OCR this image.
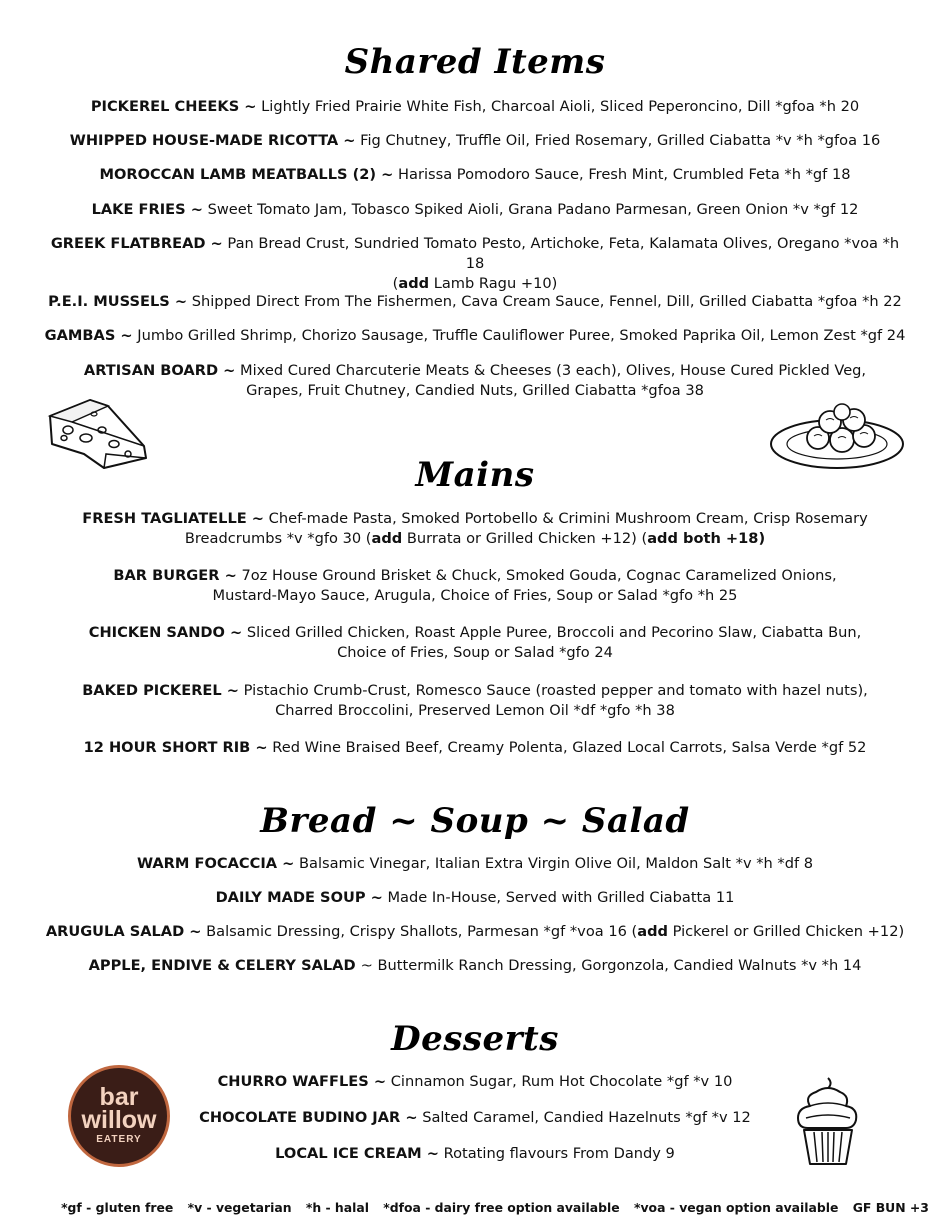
Shared Items
PICKEREL CHEEKS ~ Lightly Fried Prairie White Fish, Charcoal Aioli, Sliced Peperoncino, Dill *gfoa *h 20
WHIPPED HOUSE-MADE RICOTTA ~ Fig Chutney, Truffle Oil, Fried Rosemary, Grilled Ciabatta *v *h *gfoa 16
MOROCCAN LAMB MEATBALLS (2) ~ Harissa Pomodoro Sauce, Fresh Mint, Crumbled Feta *h *gf 18
LAKE FRIES ~ Sweet Tomato Jam, Tobasco Spiked Aioli, Grana Padano Parmesan, Green Onion *v *gf 12
GREEK FLATBREAD ~ Pan Bread Crust, Sundried Tomato Pesto, Artichoke, Feta, Kalamata Olives, Oregano *voa *h 18
(add Lamb Ragu +10)
P.E.I. MUSSELS ~ Shipped Direct From The Fishermen, Cava Cream Sauce, Fennel, Dill, Grilled Ciabatta *gfoa *h 22
GAMBAS ~ Jumbo Grilled Shrimp, Chorizo Sausage, Truffle Cauliflower Puree, Smoked Paprika Oil, Lemon Zest *gf 24
ARTISAN BOARD ~ Mixed Cured Charcuterie Meats & Cheeses (3 each), Olives, House Cured Pickled Veg,
Grapes, Fruit Chutney, Candied Nuts, Grilled Ciabatta *gfoa 38
Mains
FRESH TAGLIATELLE ~ Chef-made Pasta, Smoked Portobello & Crimini Mushroom Cream, Crisp Rosemary
Breadcrumbs *v *gfo 30 (add Burrata or Grilled Chicken +12) (add both +18)
BAR BURGER ~ 7oz House Ground Brisket & Chuck, Smoked Gouda, Cognac Caramelized Onions,
Mustard-Mayo Sauce, Arugula, Choice of Fries, Soup or Salad *gfo *h 25
CHICKEN SANDO ~ Sliced Grilled Chicken, Roast Apple Puree, Broccoli and Pecorino Slaw, Ciabatta Bun,
Choice of Fries, Soup or Salad *gfo 24
BAKED PICKEREL ~ Pistachio Crumb-Crust, Romesco Sauce (roasted pepper and tomato with hazel nuts),
Charred Broccolini, Preserved Lemon Oil *df *gfo *h 38
12 HOUR SHORT RIB ~ Red Wine Braised Beef, Creamy Polenta, Glazed Local Carrots, Salsa Verde *gf 52
Bread ~ Soup ~ Salad
WARM FOCACCIA ~ Balsamic Vinegar, Italian Extra Virgin Olive Oil, Maldon Salt *v *h *df 8
DAILY MADE SOUP ~ Made In-House, Served with Grilled Ciabatta 11
ARUGULA SALAD ~ Balsamic Dressing, Crispy Shallots, Parmesan *gf *voa 16 (add Pickerel or Grilled Chicken +12)
APPLE, ENDIVE & CELERY SALAD ~ Buttermilk Ranch Dressing, Gorgonzola, Candied Walnuts *v *h 14
Desserts
CHURRO WAFFLES ~ Cinnamon Sugar, Rum Hot Chocolate *gf *v 10
CHOCOLATE BUDINO JAR ~ Salted Caramel, Candied Hazelnuts *gf *v 12
LOCAL ICE CREAM ~ Rotating flavours From Dandy 9
bar
willow
EATERY
*gf - gluten free *v - vegetarian *h - halal *dfoa - dairy free option available *voa - vegan option available GF BUN +3
